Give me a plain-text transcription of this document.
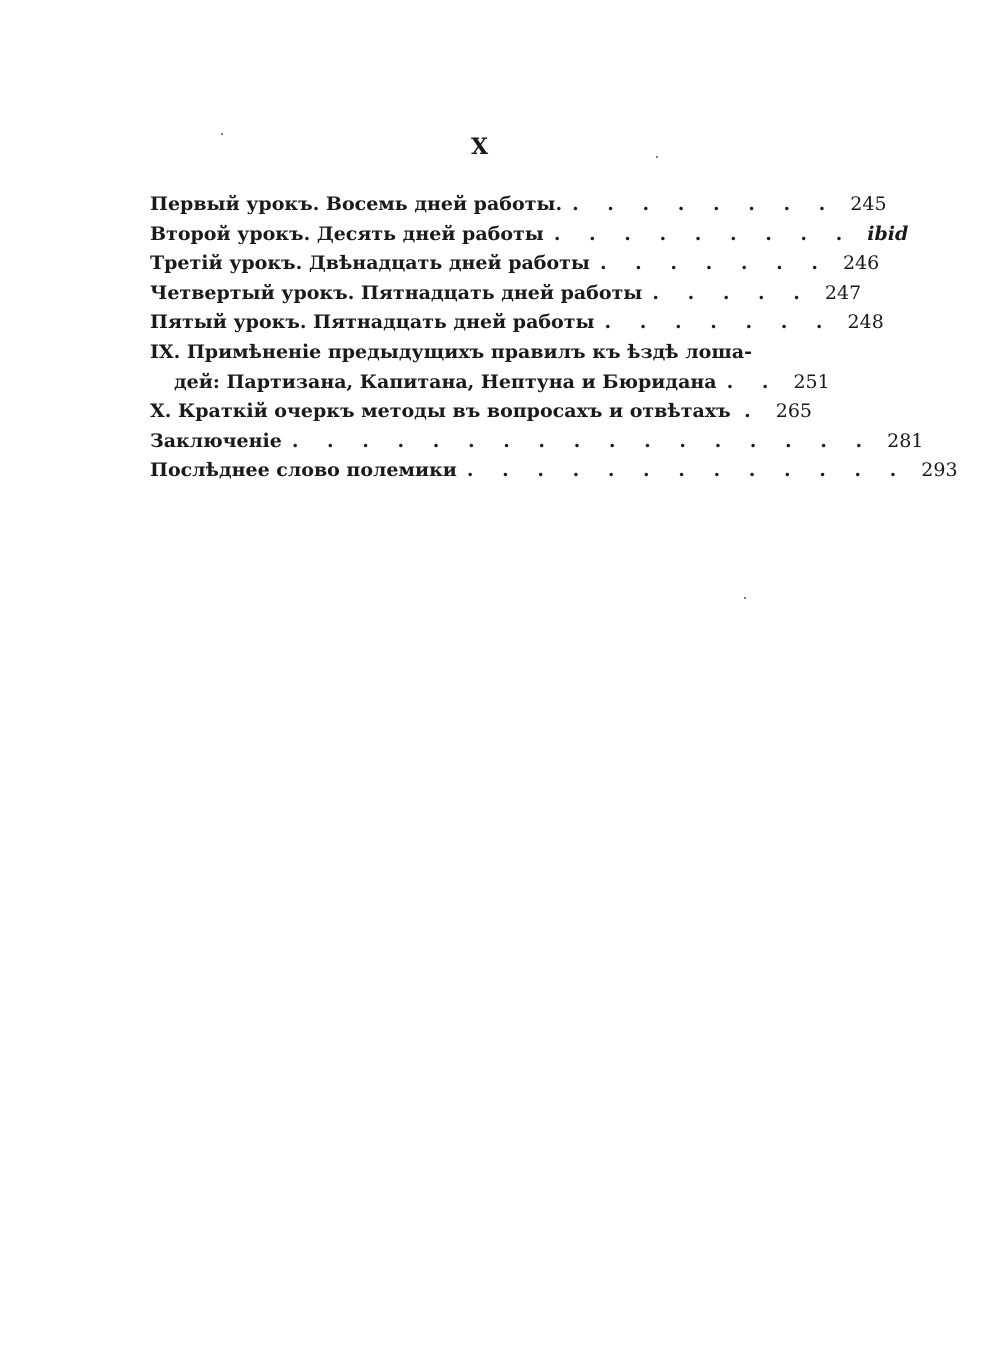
X
Первый урокъ. Восемь дней работы. . . . . . . . . 245
Второй урокъ. Десять дней работы . . . . . . . . . ibid
Третій урокъ. Двѣнадцать дней работы . . . . . . . 246
Четвертый урокъ. Пятнадцать дней работы . . . . . 247
Пятый урокъ. Пятнадцать дней работы . . . . . . . 248
IX. Примѣненіе предыдущихъ правилъ къ ѣздѣ лоша-
дей: Партизана, Капитана, Нептуна и Бюридана . . 251
X. Краткій очеркъ методы въ вопросахъ и отвѣтахъ . 265
Заключеніе . . . . . . . . . . . . . . . . . 281
Послѣднее слово полемики . . . . . . . . . . . . . 293
